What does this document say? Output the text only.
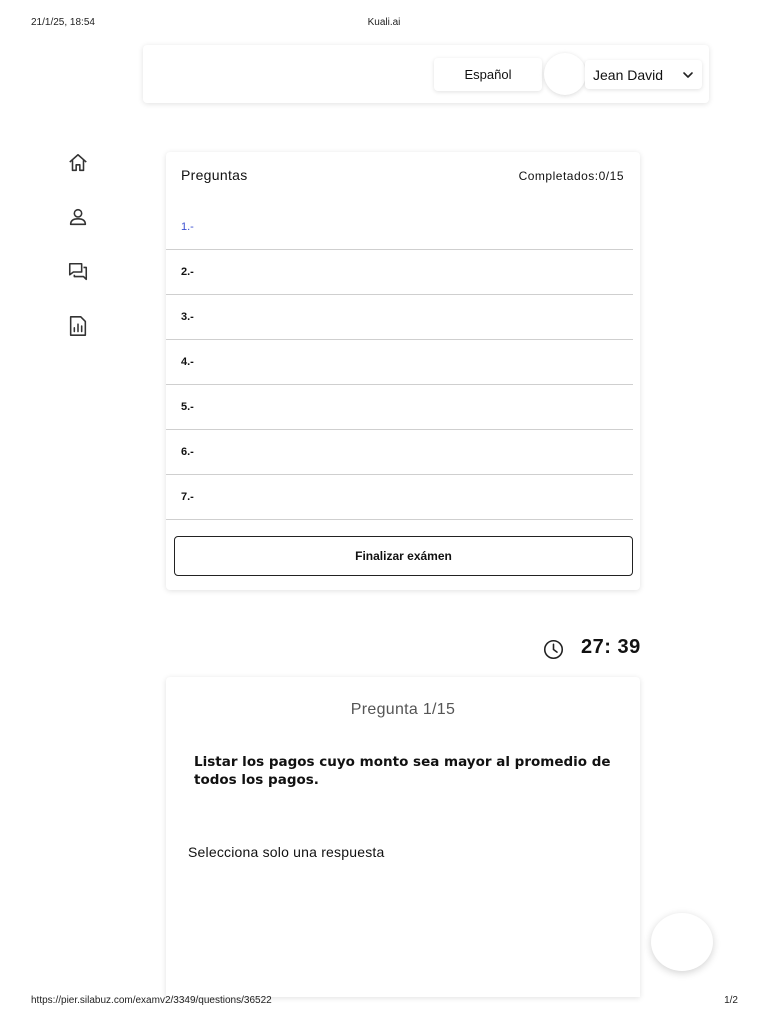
21/1/25, 18:54	Kuali.ai
Español	Jean David
Preguntas	Completados:0/15
1.-
2.-
3.-
4.-
5.-
6.-
7.-
Finalizar exámen
27: 39
Pregunta 1/15

Listar los pagos cuyo monto sea mayor al promedio de todos los pagos.

Selecciona solo una respuesta

https://pier.silabuz.com/examv2/3349/questions/36522	1/2
